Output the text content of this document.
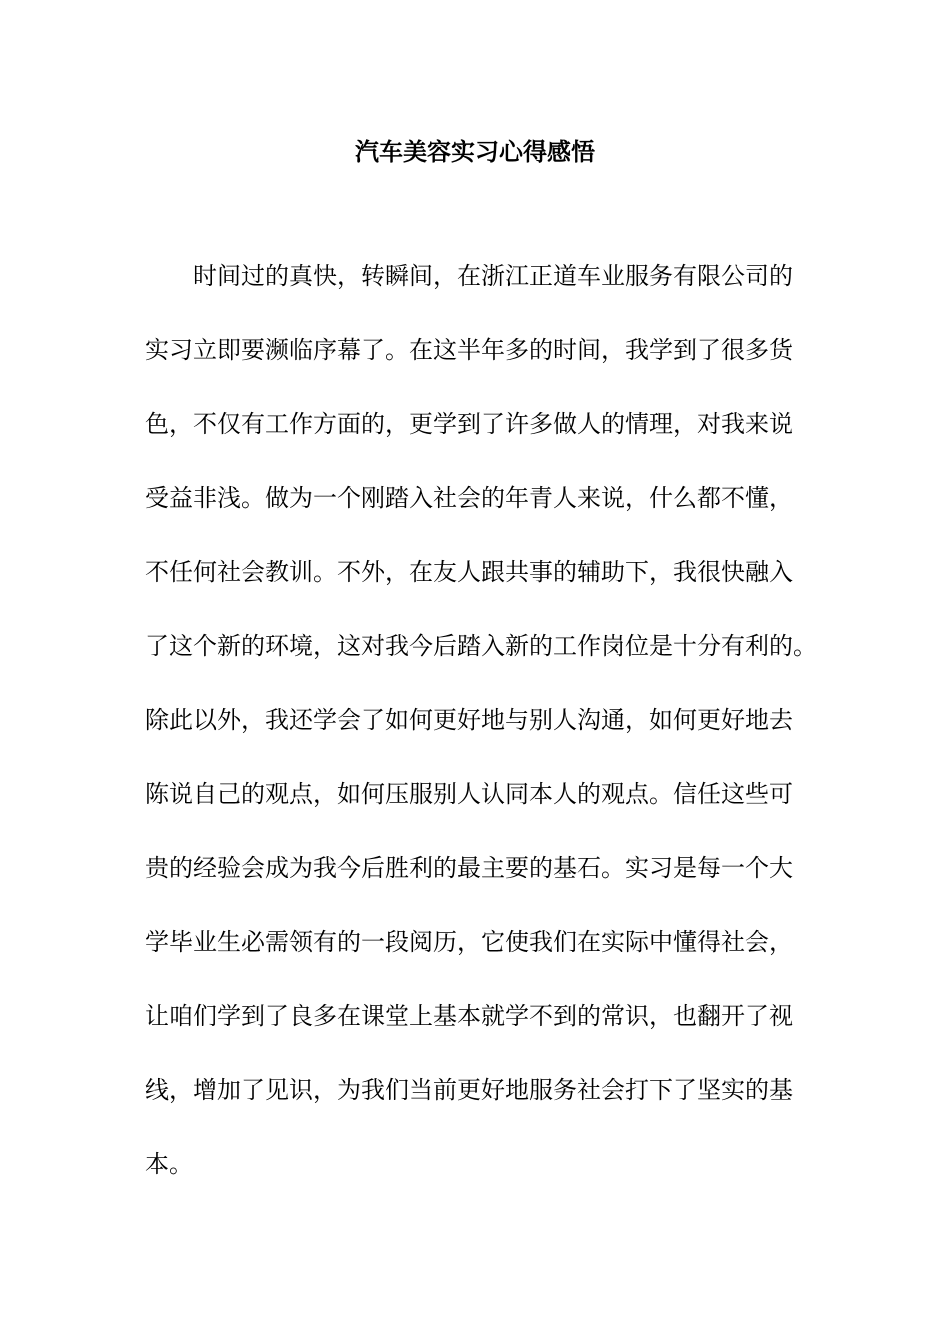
汽车美容实习心得感悟
时间过的真快，转瞬间，在浙江正道车业服务有限公司的
实习立即要濒临序幕了。在这半年多的时间，我学到了很多货
色，不仅有工作方面的，更学到了许多做人的情理，对我来说
受益非浅。做为一个刚踏入社会的年青人来说，什么都不懂，
不任何社会教训。不外，在友人跟共事的辅助下，我很快融入
了这个新的环境，这对我今后踏入新的工作岗位是十分有利的。
除此以外，我还学会了如何更好地与别人沟通，如何更好地去
陈说自己的观点，如何压服别人认同本人的观点。信任这些可
贵的经验会成为我今后胜利的最主要的基石。实习是每一个大
学毕业生必需领有的一段阅历，它使我们在实际中懂得社会，
让咱们学到了良多在课堂上基本就学不到的常识，也翻开了视
线，增加了见识，为我们当前更好地服务社会打下了坚实的基
本。
